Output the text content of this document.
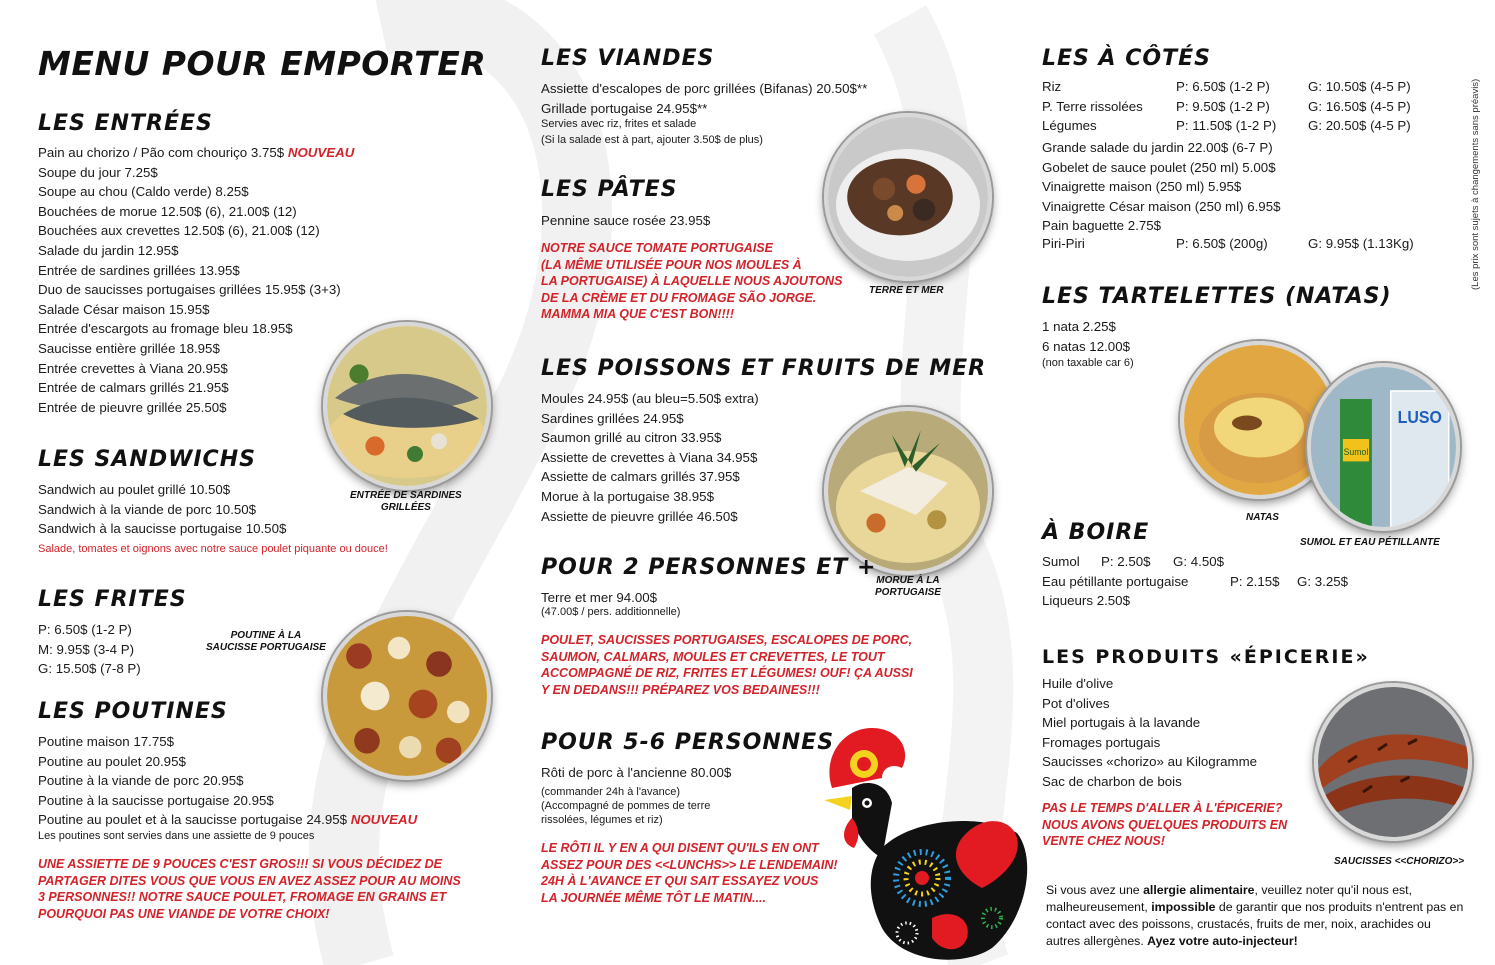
(Les prix sont sujets à changements sans préavis)
MENU POUR EMPORTER
LES ENTRÉES
Pain au chorizo / Pão com chouriço 3.75$ NOUVEAU
Soupe du jour 7.25$
Soupe au chou (Caldo verde) 8.25$
Bouchées de morue 12.50$ (6), 21.00$ (12)
Bouchées aux crevettes 12.50$ (6), 21.00$ (12)
Salade du jardin 12.95$
Entrée de sardines grillées 13.95$
Duo de saucisses portugaises grillées 15.95$ (3+3)
Salade César maison 15.95$
Entrée d'escargots au fromage bleu 18.95$
Saucisse entière grillée 18.95$
Entrée crevettes à Viana 20.95$
Entrée de calmars grillés 21.95$
Entrée de pieuvre grillée 25.50$
ENTRÉE DE SARDINES
GRILLÉES
LES SANDWICHS
Sandwich au poulet grillé 10.50$
Sandwich à la viande de porc 10.50$
Sandwich à la saucisse portugaise 10.50$
Salade, tomates et oignons avec notre sauce poulet piquante ou douce!
LES FRITES
P: 6.50$ (1-2 P)
M: 9.95$ (3-4 P)
G: 15.50$ (7-8 P)
POUTINE À LA
SAUCISSE PORTUGAISE
LES POUTINES
Poutine maison 17.75$
Poutine au poulet 20.95$
Poutine à la viande de porc 20.95$
Poutine à la saucisse portugaise 20.95$
Poutine au poulet et à la saucisse portugaise 24.95$ NOUVEAU
Les poutines sont servies dans une assiette de 9 pouces
UNE ASSIETTE DE 9 POUCES C'EST GROS!!! SI VOUS DÉCIDEZ DE
PARTAGER DITES VOUS QUE VOUS EN AVEZ ASSEZ POUR AU MOINS
3 PERSONNES!! NOTRE SAUCE POULET, FROMAGE EN GRAINS ET
POURQUOI PAS UNE VIANDE DE VOTRE CHOIX!
LES VIANDES
Assiette d'escalopes de porc grillées (Bifanas) 20.50$**
Grillade portugaise 24.95$**
Servies avec riz, frites et salade
(Si la salade est à part, ajouter 3.50$ de plus)
TERRE ET MER
LES PÂTES
Pennine sauce rosée 23.95$
NOTRE SAUCE TOMATE PORTUGAISE
(LA MÊME UTILISÉE POUR NOS MOULES À
LA PORTUGAISE) À LAQUELLE NOUS AJOUTONS
DE LA CRÈME ET DU FROMAGE SÃO JORGE.
MAMMA MIA QUE C'EST BON!!!!
LES POISSONS ET FRUITS DE MER
Moules 24.95$ (au bleu=5.50$ extra)
Sardines grillées 24.95$
Saumon grillé au citron 33.95$
Assiette de crevettes à Viana 34.95$
Assiette de calmars grillés 37.95$
Morue à la portugaise 38.95$
Assiette de pieuvre grillée 46.50$
MORUE À LA
PORTUGAISE
POUR 2 PERSONNES ET +
Terre et mer 94.00$
(47.00$ / pers. additionnelle)
POULET, SAUCISSES PORTUGAISES, ESCALOPES DE PORC,
SAUMON, CALMARS, MOULES ET CREVETTES, LE TOUT
ACCOMPAGNÉ DE RIZ, FRITES ET LÉGUMES! OUF! ÇA AUSSI
Y EN DEDANS!!! PRÉPAREZ VOS BEDAINES!!!
POUR 5-6 PERSONNES
Rôti de porc à l'ancienne 80.00$
(commander 24h à l'avance)
(Accompagné de pommes de terre
rissolées, légumes et riz)
LE RÔTI IL Y EN A QUI DISENT QU'ILS EN ONT
ASSEZ POUR DES <<LUNCHS>> LE LENDEMAIN!
24H À L'AVANCE ET QUI SAIT ESSAYEZ VOUS
LA JOURNÉE MÊME TÔT LE MATIN....
LES À CÔTÉS
Riz	P: 6.50$ (1-2 P)	G: 10.50$ (4-5 P)
P. Terre rissolées P: 9.50$ (1-2 P)	G: 16.50$ (4-5 P)
Légumes	P: 11.50$ (1-2 P) G: 20.50$ (4-5 P)
Grande salade du jardin 22.00$ (6-7 P)
Gobelet de sauce poulet (250 ml) 5.00$
Vinaigrette maison (250 ml) 5.95$
Vinaigrette César maison (250 ml) 6.95$
Pain baguette 2.75$
Piri-Piri	P: 6.50$ (200g)	G: 9.95$ (1.13Kg)
LES TARTELETTES (NATAS)
1 nata 2.25$
6 natas 12.00$
(non taxable car 6)
NATAS
Sumol
LUSO
SUMOL ET EAU PÉTILLANTE
À BOIRE
Sumol P: 2.50$ G: 4.50$
Eau pétillante portugaise	P: 2.15$ G: 3.25$
Liqueurs 2.50$
LES PRODUITS «ÉPICERIE»
Huile d'olive
Pot d'olives
Miel portugais à la lavande
Fromages portugais
Saucisses «chorizo» au Kilogramme
Sac de charbon de bois
PAS LE TEMPS D'ALLER À L'ÉPICERIE?
NOUS AVONS QUELQUES PRODUITS EN
VENTE CHEZ NOUS!
SAUCISSES <<CHORIZO>>
Si vous avez une allergie alimentaire, veuillez noter qu'il nous est, malheureusement, impossible de garantir que nos produits n'entrent pas en contact avec des poissons, crustacés, fruits de mer, noix, arachides ou autres allergènes. Ayez votre auto-injecteur!
